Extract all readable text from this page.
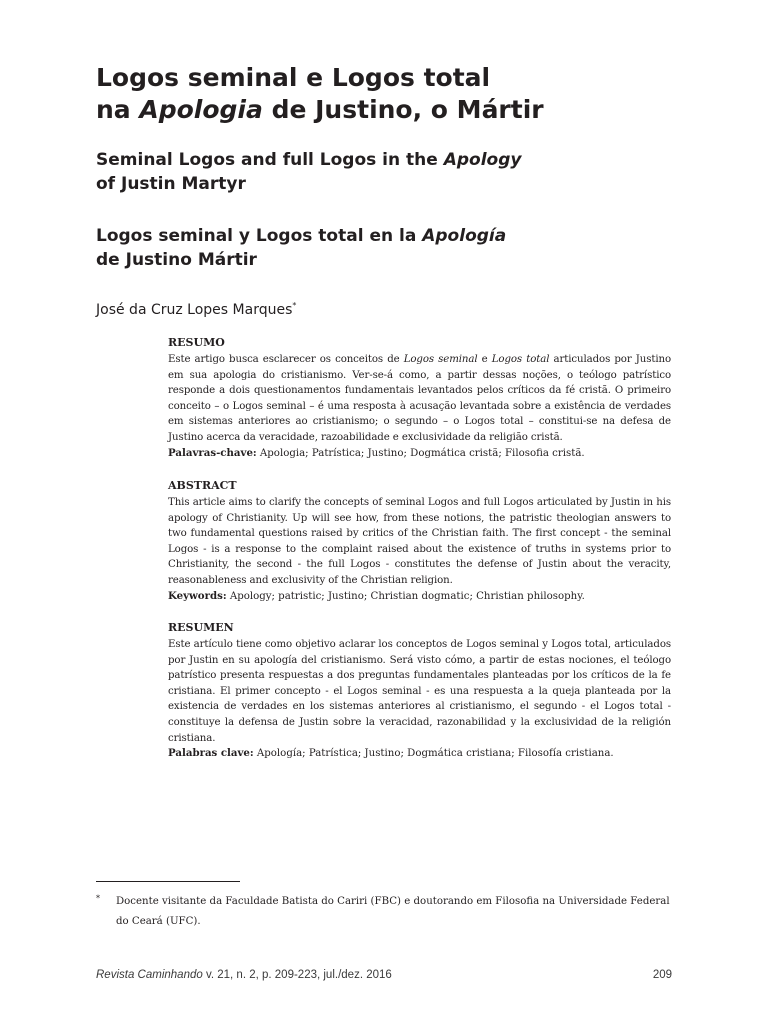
Logos seminal e Logos total
na Apologia de Justino, o Mártir
Seminal Logos and full Logos in the Apology
of Justin Martyr
Logos seminal y Logos total en la Apología
de Justino Mártir
José da Cruz Lopes Marques*
RESUMO
Este artigo busca esclarecer os conceitos de Logos seminal e Logos total articulados por Justino em sua apologia do cristianismo. Ver-se-á como, a partir dessas noções, o teólogo patrístico responde a dois questionamentos fundamentais levantados pelos críticos da fé cristã. O primeiro conceito – o Logos seminal – é uma resposta à acusação levantada sobre a existência de verdades em sistemas anteriores ao cristianismo; o segundo – o Logos total – constitui-se na defesa de Justino acerca da veracidade, razoabilidade e exclusividade da religião cristã.
Palavras-chave: Apologia; Patrística; Justino; Dogmática cristã; Filosofia cristã.
ABSTRACT
This article aims to clarify the concepts of seminal Logos and full Logos articulated by Justin in his apology of Christianity. Up will see how, from these notions, the patristic theologian answers to two fundamental questions raised by critics of the Christian faith. The first concept - the seminal Logos - is a response to the complaint raised about the existence of truths in systems prior to Christianity, the second - the full Logos - constitutes the defense of Justin about the veracity, reasonableness and exclusivity of the Christian religion.
Keywords: Apology; patristic; Justino; Christian dogmatic; Christian philosophy.
RESUMEN
Este artículo tiene como objetivo aclarar los conceptos de Logos seminal y Logos total, articulados por Justin en su apología del cristianismo. Será visto cómo, a partir de estas nociones, el teólogo patrístico presenta respuestas a dos preguntas fundamentales planteadas por los críticos de la fe cristiana. El primer concepto - el Logos seminal - es una respuesta a la queja planteada por la existencia de verdades en los sistemas anteriores al cristianismo, el segundo - el Logos total - constituye la defensa de Justin sobre la veracidad, razonabilidad y la exclusividad de la religión cristiana.
Palabras clave: Apología; Patrística; Justino; Dogmática cristiana; Filosofía cristiana.
* Docente visitante da Faculdade Batista do Cariri (FBC) e doutorando em Filosofia na Universidade Federal do Ceará (UFC).
Revista Caminhando v. 21, n. 2, p. 209-223, jul./dez. 2016	209
